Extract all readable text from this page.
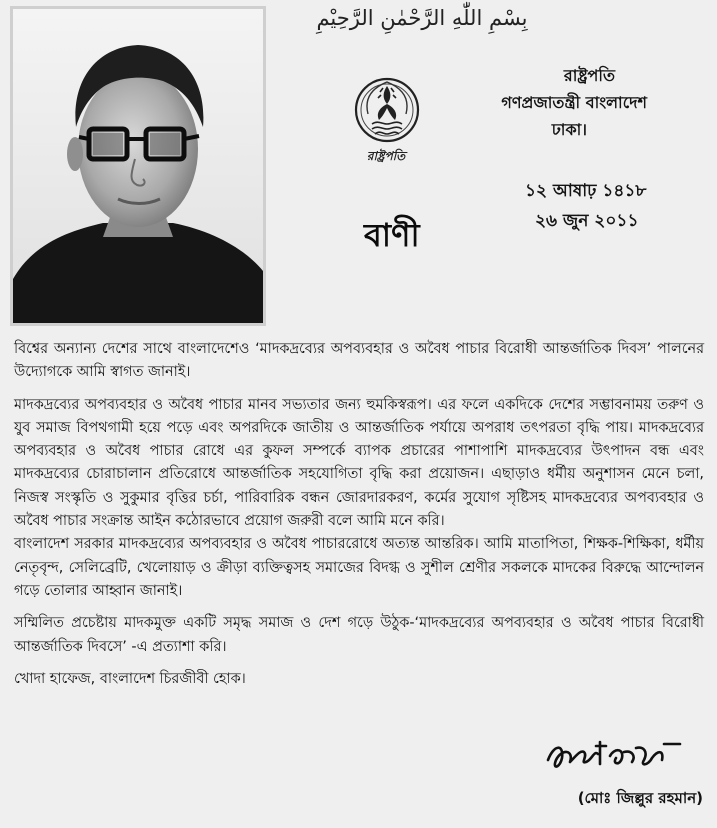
بِسْمِ اللّٰهِ الرَّحْمٰنِ الرَّحِيْمِ
রাষ্ট্রপতি
বাণী
রাষ্ট্রপতি
গণপ্রজাতন্ত্রী বাংলাদেশ
ঢাকা।
১২ আষাঢ় ১৪১৮
২৬ জুন ২০১১

বিশ্বের অন্যান্য দেশের সাথে বাংলাদেশেও ‘মাদকদ্রব্যের অপব্যবহার ও অবৈধ পাচার বিরোধী আন্তর্জাতিক দিবস’ পালনের উদ্যোগকে আমি স্বাগত জানাই।

মাদকদ্রব্যের অপব্যবহার ও অবৈধ পাচার মানব সভ্যতার জন্য হুমকিস্বরূপ। এর ফলে একদিকে দেশের সম্ভাবনাময় তরুণ ও যুব সমাজ বিপথগামী হয়ে পড়ে এবং অপরদিকে জাতীয় ও আন্তর্জাতিক পর্যায়ে অপরাধ তৎপরতা বৃদ্ধি পায়। মাদকদ্রব্যের অপব্যবহার ও অবৈধ পাচার রোধে এর কুফল সম্পর্কে ব্যাপক প্রচারের পাশাপাশি মাদকদ্রব্যের উৎপাদন বন্ধ এবং মাদকদ্রব্যের চোরাচালান প্রতিরোধে আন্তর্জাতিক সহযোগিতা বৃদ্ধি করা প্রয়োজন। এছাড়াও ধর্মীয় অনুশাসন মেনে চলা, নিজস্ব সংস্কৃতি ও সুকুমার বৃত্তির চর্চা, পারিবারিক বন্ধন জোরদারকরণ, কর্মের সুযোগ সৃষ্টিসহ মাদকদ্রব্যের অপব্যবহার ও অবৈধ পাচার সংক্রান্ত আইন কঠোরভাবে প্রয়োগ জরুরী বলে আমি মনে করি।

বাংলাদেশ সরকার মাদকদ্রব্যের অপব্যবহার ও অবৈধ পাচাররোধে অত্যন্ত আন্তরিক। আমি মাতাপিতা, শিক্ষক-শিক্ষিকা, ধর্মীয় নেতৃবৃন্দ, সেলিব্রেটি, খেলোয়াড় ও ক্রীড়া ব্যক্তিত্বসহ সমাজের বিদগ্ধ ও সুশীল শ্রেণীর সকলকে মাদকের বিরুদ্ধে আন্দোলন গড়ে তোলার আহ্বান জানাই।

সম্মিলিত প্রচেষ্টায় মাদকমুক্ত একটি সমৃদ্ধ সমাজ ও দেশ গড়ে উঠুক-‘মাদকদ্রব্যের অপব্যবহার ও অবৈধ পাচার বিরোধী আন্তর্জাতিক দিবসে’ -এ প্রত্যাশা করি।

খোদা হাফেজ, বাংলাদেশ চিরজীবী হোক।

(মোঃ জিল্লুর রহমান)
